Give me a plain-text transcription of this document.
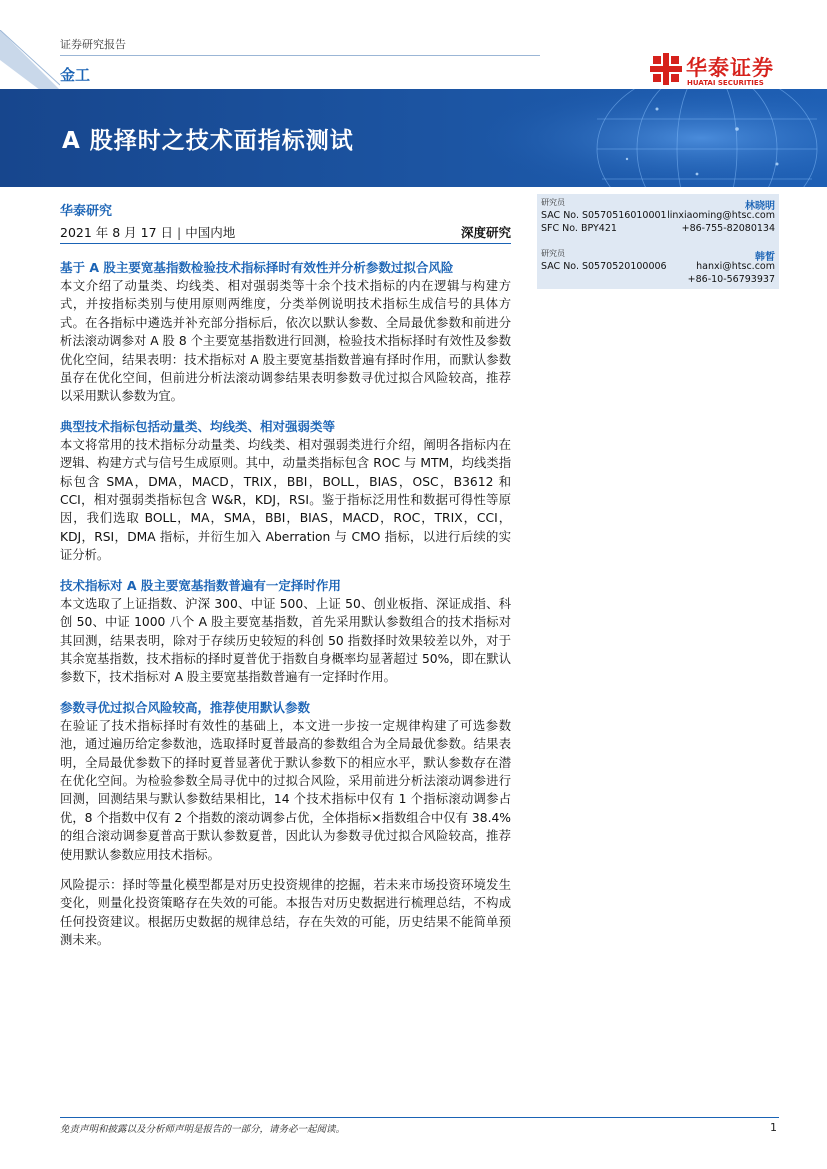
证券研究报告
金工	华泰证券
HUATAI SECURITIES
A 股择时之技术面指标测试
华泰研究
2021 年 8 月 17 日 | 中国内地	深度研究
研究员	林晓明
SAC No. S0570516010001 linxiaoming@htsc.com
SFC No. BPY421	+86-755-82080134
研究员	韩晳
SAC No. S0570520100006	hanxi@htsc.com
+86-10-56793937
基于 A 股主要宽基指数检验技术指标择时有效性并分析参数过拟合风险

本文介绍了动量类、均线类、相对强弱类等十余个技术指标的内在逻辑与构建方式，并按指标类别与使用原则两维度，分类举例说明技术指标生成信号的具体方式。在各指标中遴选并补充部分指标后，依次以默认参数、全局最优参数和前进分析法滚动调参对 A 股 8 个主要宽基指数进行回测，检验技术指标择时有效性及参数优化空间，结果表明：技术指标对 A 股主要宽基指数普遍有择时作用，而默认参数虽存在优化空间，但前进分析法滚动调参结果表明参数寻优过拟合风险较高，推荐以采用默认参数为宜。

典型技术指标包括动量类、均线类、相对强弱类等

本文将常用的技术指标分动量类、均线类、相对强弱类进行介绍，阐明各指标内在逻辑、构建方式与信号生成原则。其中，动量类指标包含 ROC 与 MTM，均线类指标包含 SMA，DMA，MACD，TRIX，BBI，BOLL，BIAS，OSC，B3612 和 CCI，相对强弱类指标包含 W&R，KDJ，RSI。鉴于指标泛用性和数据可得性等原因，我们选取 BOLL，MA，SMA，BBI，BIAS，MACD，ROC，TRIX，CCI，KDJ，RSI，DMA 指标，并衍生加入 Aberration 与 CMO 指标，以进行后续的实证分析。

技术指标对 A 股主要宽基指数普遍有一定择时作用

本文选取了上证指数、沪深 300、中证 500、上证 50、创业板指、深证成指、科创 50、中证 1000 八个 A 股主要宽基指数，首先采用默认参数组合的技术指标对其回测，结果表明，除对于存续历史较短的科创 50 指数择时效果较差以外，对于其余宽基指数，技术指标的择时夏普优于指数自身概率均显著超过 50%，即在默认参数下，技术指标对 A 股主要宽基指数普遍有一定择时作用。

参数寻优过拟合风险较高，推荐使用默认参数

在验证了技术指标择时有效性的基础上，本文进一步按一定规律构建了可选参数池，通过遍历给定参数池，选取择时夏普最高的参数组合为全局最优参数。结果表明，全局最优参数下的择时夏普显著优于默认参数下的相应水平，默认参数存在潜在优化空间。为检验参数全局寻优中的过拟合风险，采用前进分析法滚动调参进行回测，回测结果与默认参数结果相比，14 个技术指标中仅有 1 个指标滚动调参占优，8 个指数中仅有 2 个指数的滚动调参占优，全体指标×指数组合中仅有 38.4%的组合滚动调参夏普高于默认参数夏普，因此认为参数寻优过拟合风险较高，推荐使用默认参数应用技术指标。

风险提示：择时等量化模型都是对历史投资规律的挖掘，若未来市场投资环境发生变化，则量化投资策略存在失效的可能。本报告对历史数据进行梳理总结，不构成任何投资建议。根据历史数据的规律总结，存在失效的可能，历史结果不能简单预测未来。

免责声明和披露以及分析师声明是报告的一部分，请务必一起阅读。	1
